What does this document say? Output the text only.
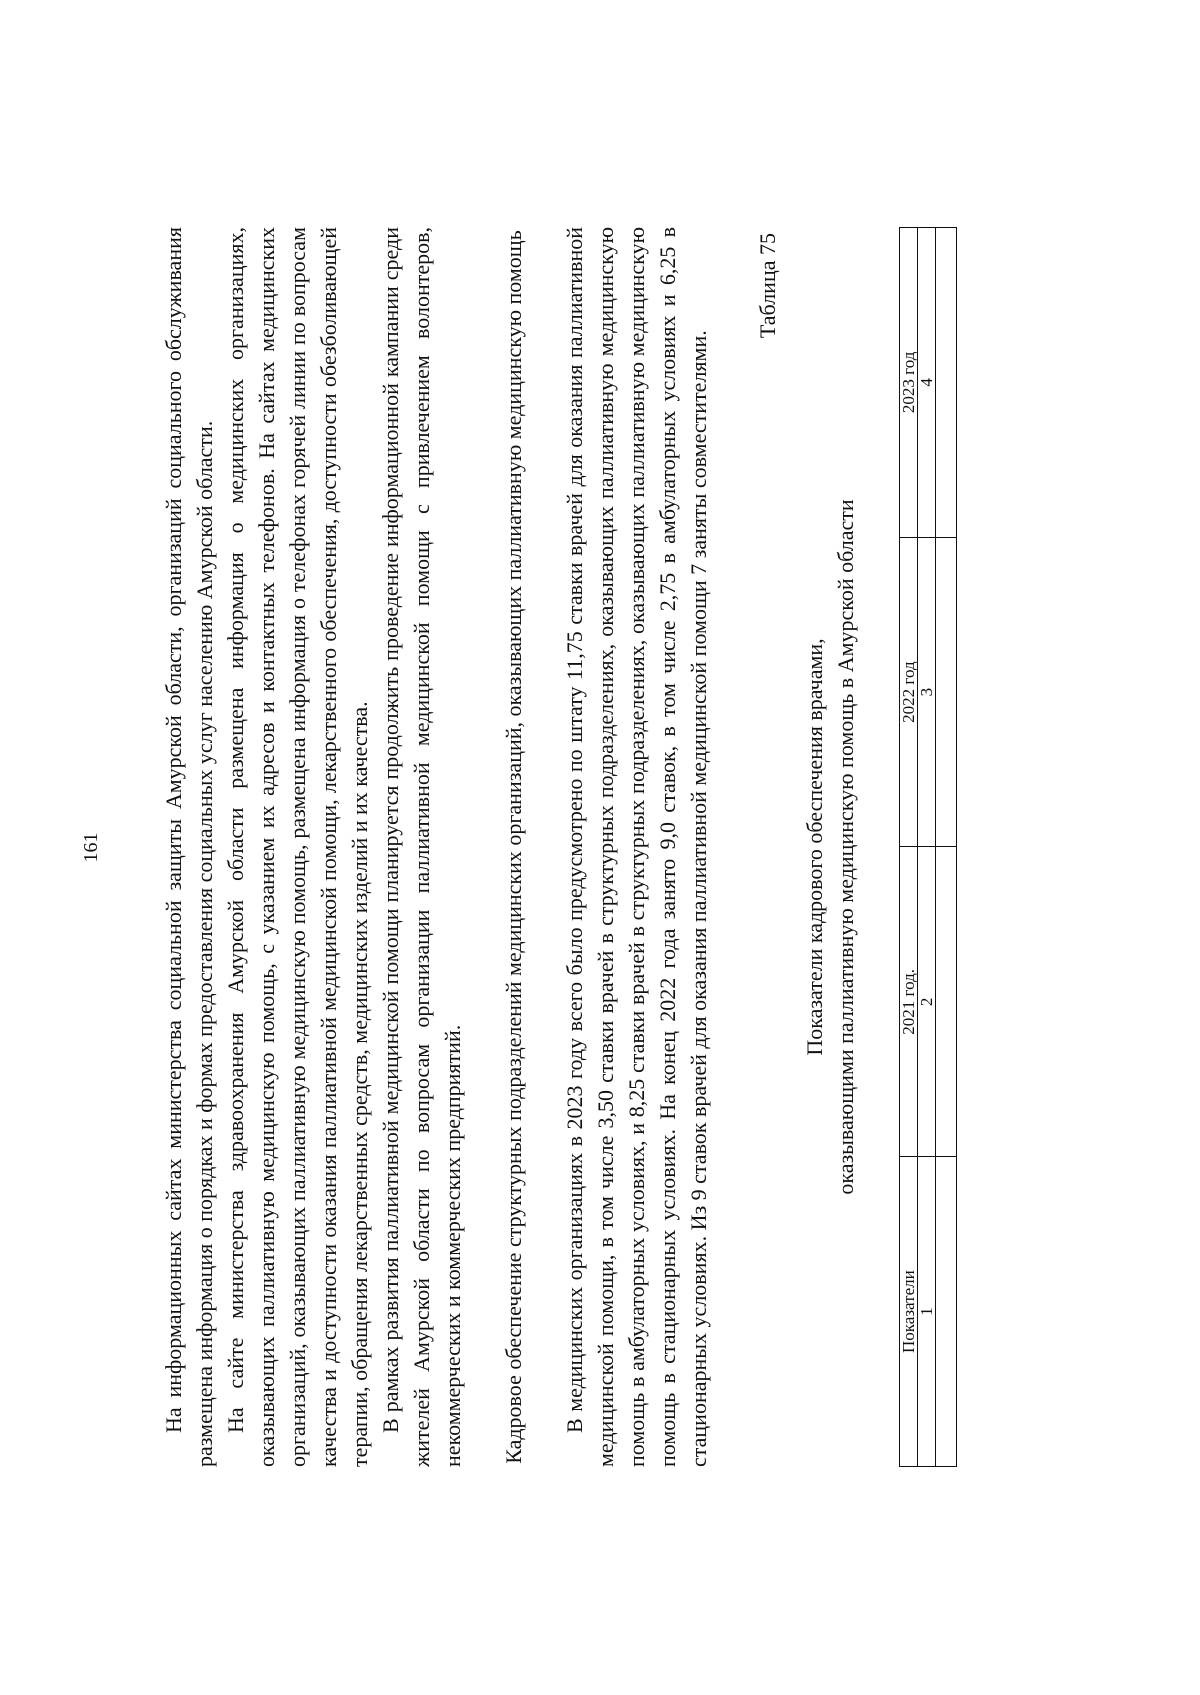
161	На информационных сайтах министерства социальной защиты Амурской области, организаций социального обслуживания размещена информация о порядках и формах предоставления социальных услуг населению Амурской области. На сайте министерства здравоохранения Амурской области размещена информация о медицинских организациях, оказывающих паллиативную медицинскую помощь, с указанием их адресов и контактных телефонов. На сайтах медицинских организаций, оказывающих паллиативную медицинскую помощь, размещена информация о телефонах горячей линии по вопросам качества и доступности оказания паллиативной медицинской помощи, лекарственного обеспечения, доступности обезболивающей терапии, обращения лекарственных средств, медицинских изделий и их качества. В рамках развития паллиативной медицинской помощи планируется продолжить проведение информационной кампании среди жителей Амурской области по вопросам организации паллиативной медицинской помощи с привлечением волонтеров, некоммерческих и коммерческих предприятий. Кадровое обеспечение структурных подразделений медицинских организаций, оказывающих паллиативную медицинскую помощь В медицинских организациях в 2023 году всего было предусмотрено по штату 11,75 ставки врачей для оказания паллиативной медицинской помощи, в том числе 3,50 ставки врачей в структурных подразделениях, оказывающих паллиативную медицинскую помощь в амбулаторных условиях, и 8,25 ставки врачей в структурных подразделениях, оказывающих паллиативную медицинскую помощь в стационарных условиях. На конец 2022 года занято 9,0 ставок, в том числе 2,75 в амбулаторных условиях и 6,25 в стационарных условиях. Из 9 ставок врачей для оказания паллиативной медицинской помощи 7 заняты совместителями.

Таблица 75
Показатели кадрового обеспечения врачами, оказывающими паллиативную медицинскую помощь в Амурской области
Показатели	2021 год.	2022 год	2023 год
1	2	3	4
